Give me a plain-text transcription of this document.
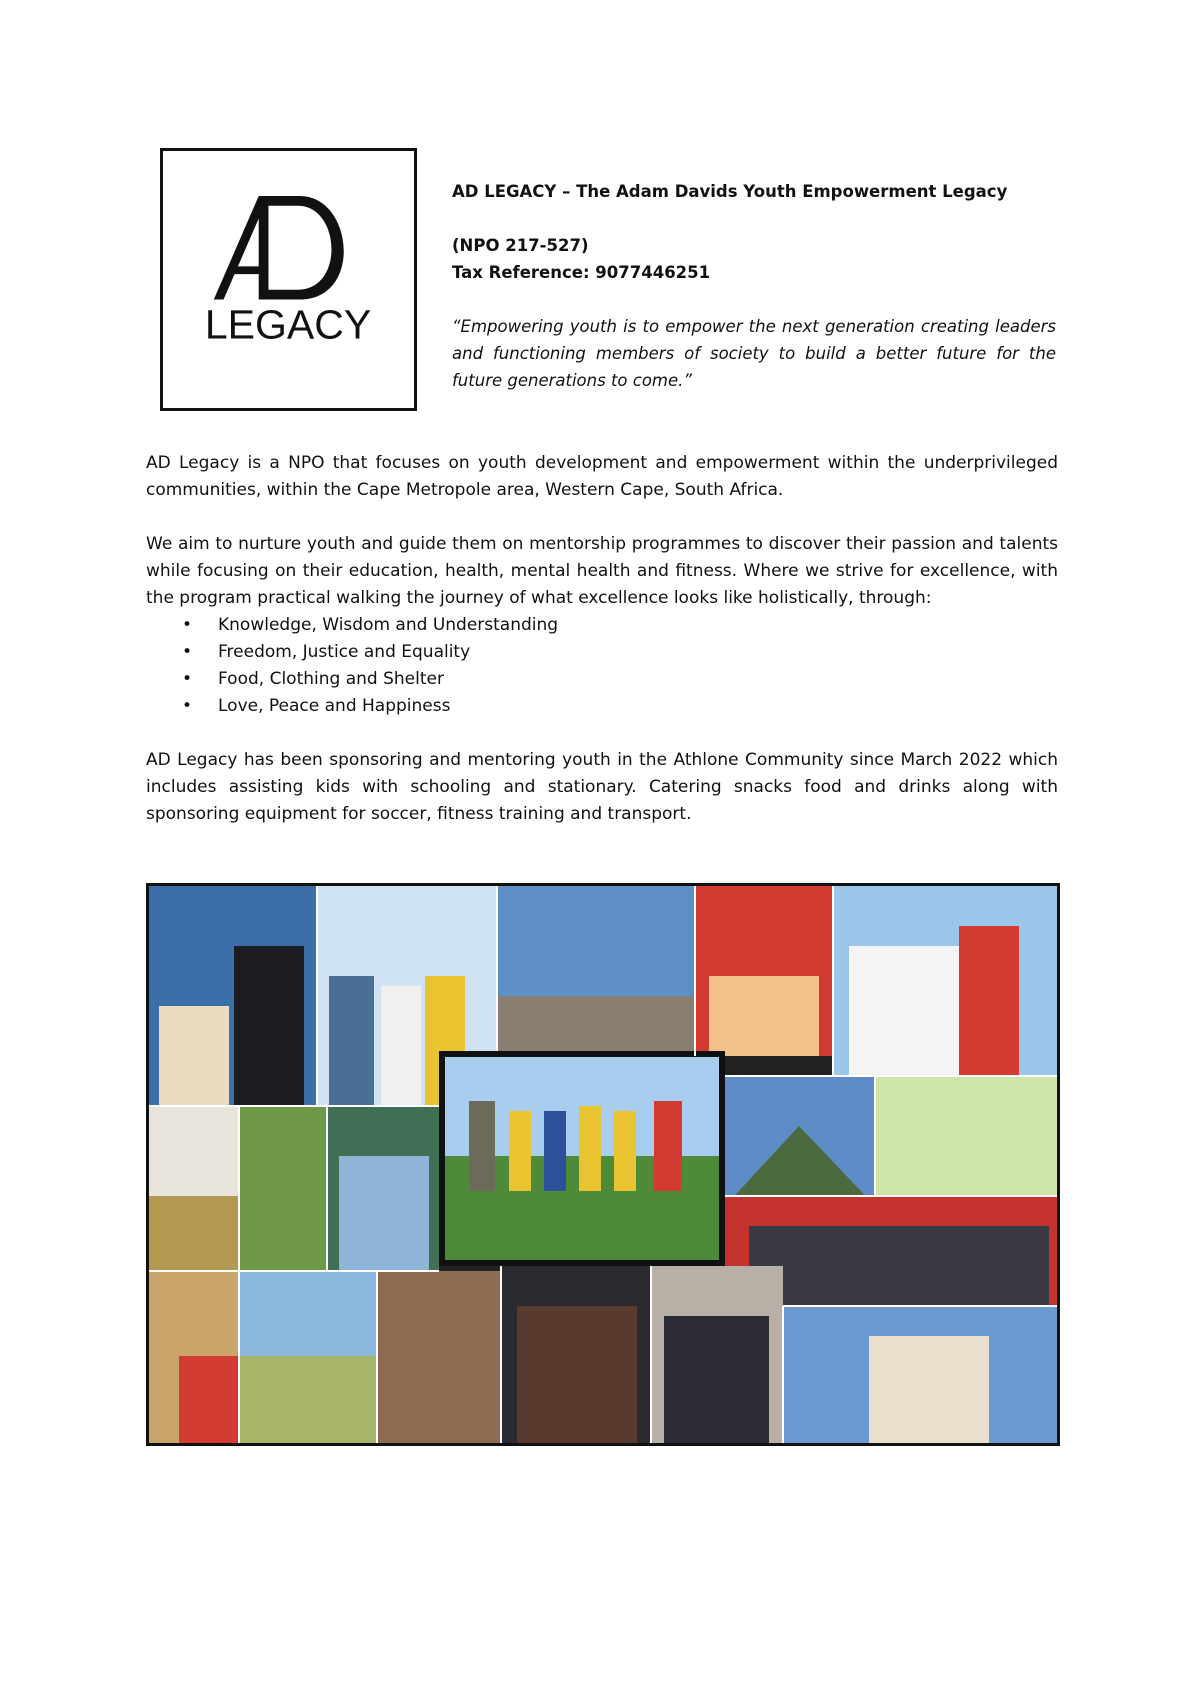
LEGACY
AD LEGACY – The Adam Davids Youth Empowerment Legacy
(NPO 217-527)
Tax Reference: 9077446251
“Empowering youth is to empower the next generation creating leaders and functioning members of society to build a better future for the future generations to come.”

AD Legacy is a NPO that focuses on youth development and empowerment within the underprivileged communities, within the Cape Metropole area, Western Cape, South Africa.

We aim to nurture youth and guide them on mentorship programmes to discover their passion and talents while focusing on their education, health, mental health and fitness. Where we strive for excellence, with the program practical walking the journey of what excellence looks like holistically, through:

• Knowledge, Wisdom and Understanding
• Freedom, Justice and Equality
• Food, Clothing and Shelter
• Love, Peace and Happiness

AD Legacy has been sponsoring and mentoring youth in the Athlone Community since March 2022 which includes assisting kids with schooling and stationary. Catering snacks food and drinks along with sponsoring equipment for soccer, fitness training and transport.
